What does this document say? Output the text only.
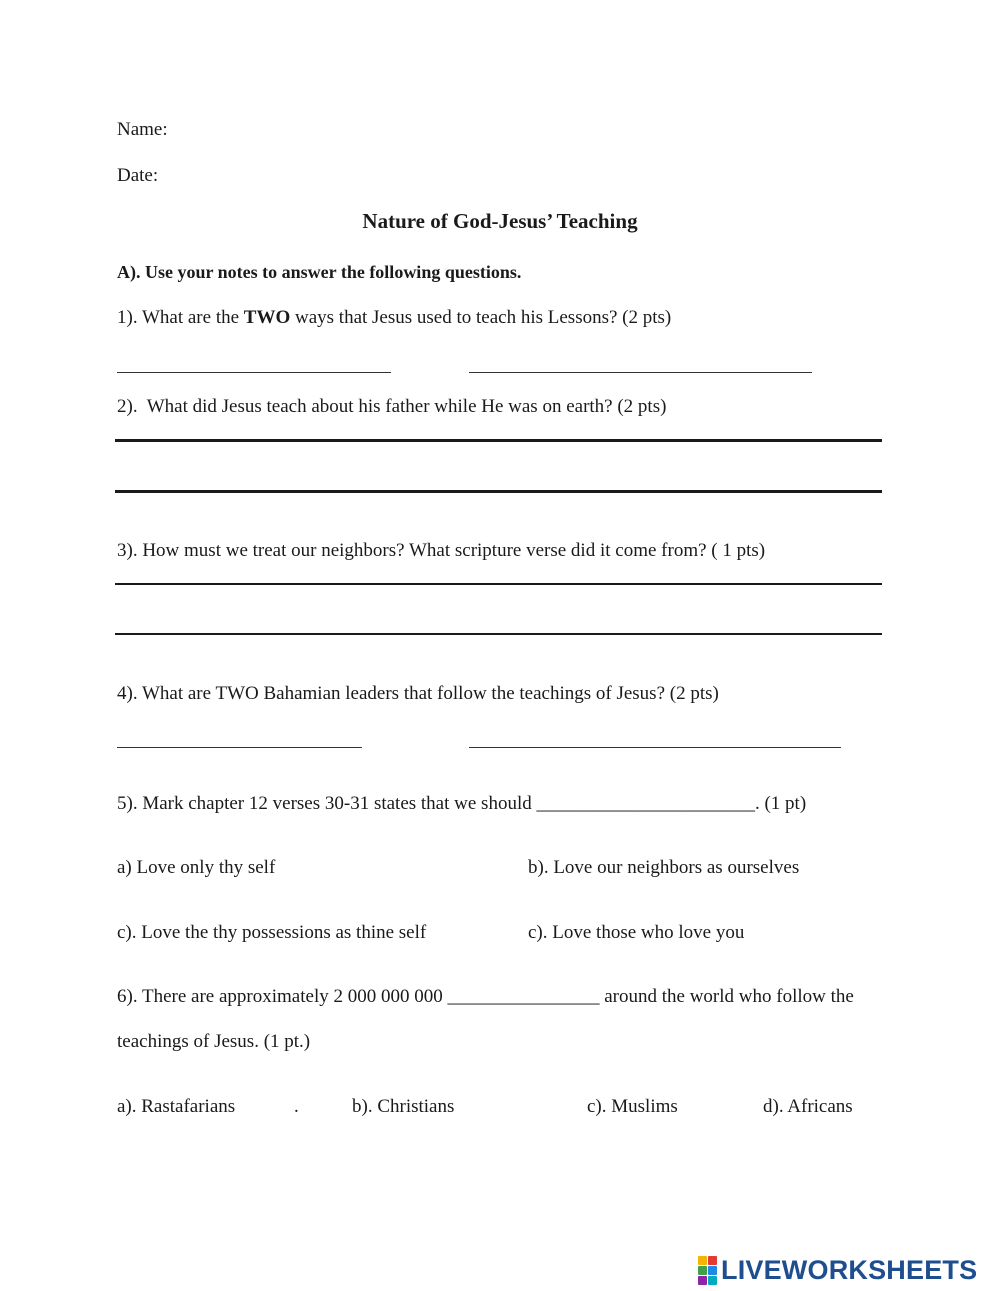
Name:
Date:
Nature of God-Jesus’ Teaching
A). Use your notes to answer the following questions.
1). What are the TWO ways that Jesus used to teach his Lessons? (2 pts)
2).  What did Jesus teach about his father while He was on earth? (2 pts)
3). How must we treat our neighbors? What scripture verse did it come from? ( 1 pts)
4). What are TWO Bahamian leaders that follow the teachings of Jesus? (2 pts)
5). Mark chapter 12 verses 30-31 states that we should _______________________. (1 pt)
a) Love only thy self	b). Love our neighbors as ourselves
c). Love the thy possessions as thine self	c). Love those who love you
6). There are approximately 2 000 000 000 ________________ around the world who follow the
teachings of Jesus. (1 pt.)
a). Rastafarians	.	b). Christians	c). Muslims	d). Africans
LIVEWORKSHEETS
